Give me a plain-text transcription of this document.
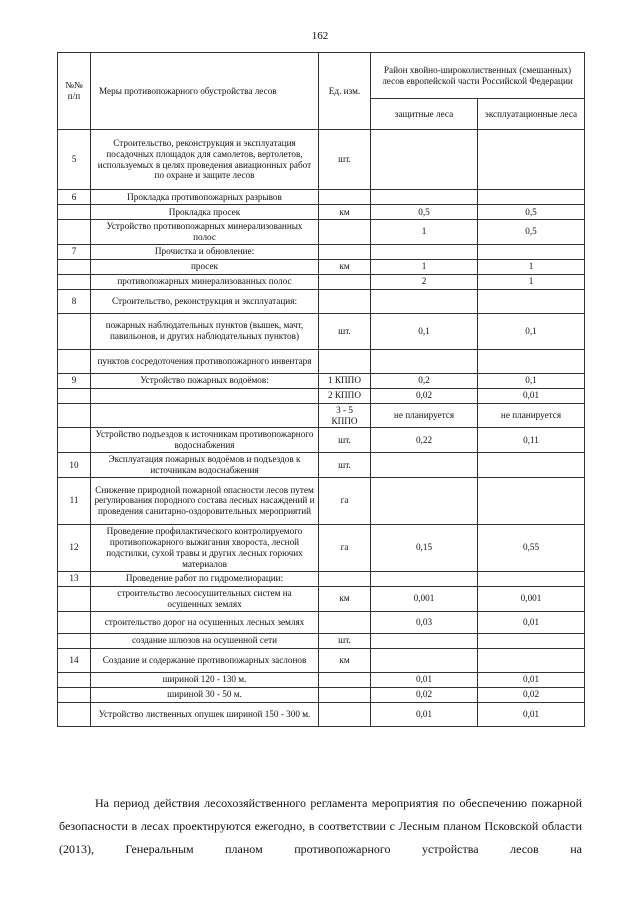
162
№№ п/п	Меры противопожарного обустройства лесов	Ед. изм.	Район хвойно-широколиственных (смешанных) лесов европейской части Российской Федерации	
			защитные леса	эксплуатационные леса
5	Строительство, реконструкция и эксплуатация посадочных площадок для самолетов, вертолетов, используемых в целях проведения авиационных работ по охране и защите лесов	шт.		
6	Прокладка противопожарных разрывов			
	Прокладка просек	км	0,5	0,5
	Устройство противопожарных минерализованных полос		1	0,5
7	Прочистка и обновление:			
	просек	км	1	1
	противопожарных минерализованных полос		2	1
8	Строительство, реконструкция и эксплуатация:			
	пожарных наблюдательных пунктов (вышек, мачт, павильонов, и других наблюдательных пунктов)	шт.	0,1	0,1
	пунктов сосредоточения противопожарного инвентаря			
9	Устройство пожарных водоёмов:	1 КППО	0,2	0,1
		2 КППО	0,02	0,01
		3 - 5 КППО	не планируется	не планируется
	Устройство подъездов к источникам противопожарного водоснабжения	шт.	0,22	0,11
10	Эксплуатация пожарных водоёмов и подъездов к источникам водоснабжения	шт.		
11	Снижение природной пожарной опасности лесов путем регулирования породного состава лесных насаждений и проведения санитарно-оздоровительных мероприятий	га		
12	Проведение профилактического контролируемого противопожарного выжигания хвороста, лесной подстилки, сухой травы и других лесных горючих материалов	га	0,15	0,55
13	Проведение работ по гидромелиорации:			
	строительство лесоосушительных систем на осушенных землях	км	0,001	0,001
	строительство дорог на осушенных лесных землях		0,03	0,01
	создание шлюзов на осушенной сети	шт.		
14	Создание и содержание противопожарных заслонов	км		
	шириной 120 - 130 м.		0,01	0,01
	шириной 30 - 50 м.		0,02	0,02
	Устройство лиственных опушек шириной 150 - 300 м.		0,01	0,01

На период действия лесохозяйственного регламента мероприятия по обеспечению пожарной безопасности в лесах проектируются ежегодно, в соответствии с Лесным планом Псковской области (2013), Генеральным планом противопожарного устройства лесов на
